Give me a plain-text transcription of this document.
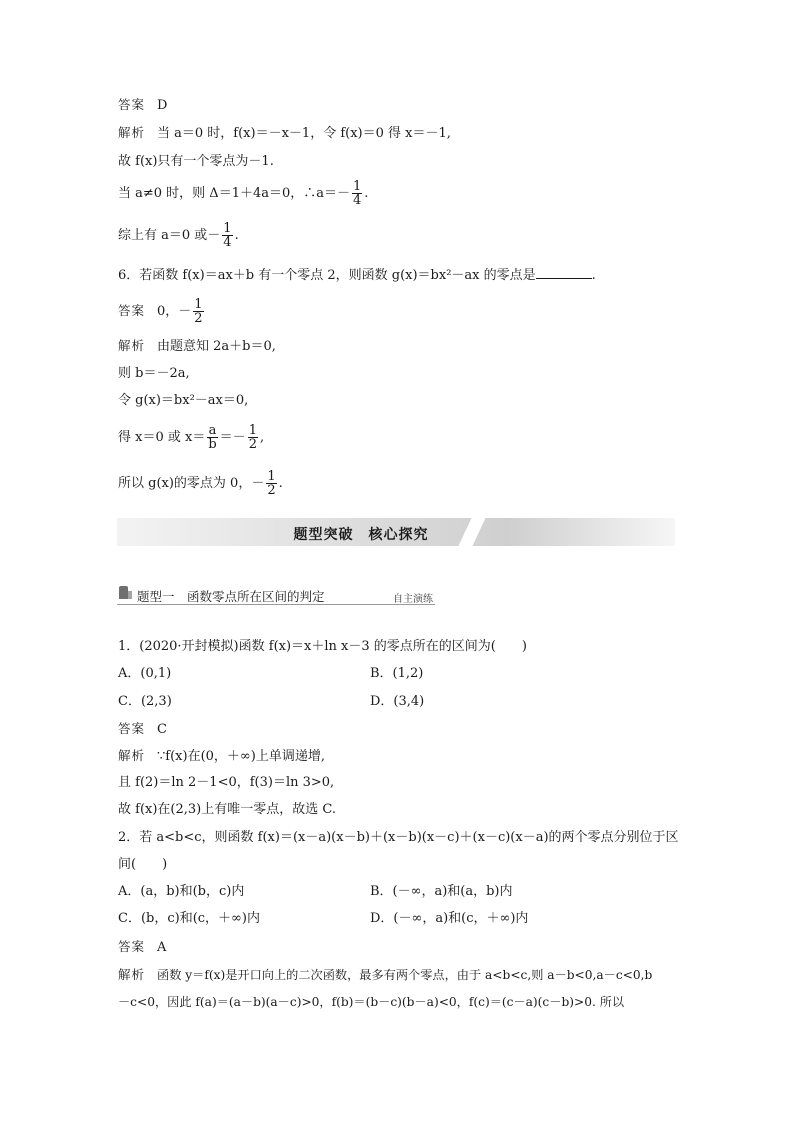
答案 D
解析 当 a＝0 时，f(x)＝－x－1，令 f(x)＝0 得 x＝－1,
故 f(x)只有一个零点为－1.
当 a≠0 时，则 Δ＝1＋4a＝0，∴a＝－ $\frac{1}{4}$ .
综上有 a＝0 或－ $\frac{1}{4}$ .
6．若函数 f(x)＝ax＋b 有一个零点 2，则函数 g(x)＝bx²－ax 的零点是	.
答案 0，－ $\frac{1}{2}$
解析 由题意知 2a＋b＝0,
则 b＝－2a,
令 g(x)＝bx²－ax＝0,
得 x＝0 或 $x= \frac{a}{b} =- \frac{1}{2}$ ,
所以 g(x)的零点为 0，－ $\frac{1}{2}$ .
题型突破　核心探究
题型一　函数零点所在区间的判定	自主演练
1．(2020·开封模拟)函数 f(x)＝x＋ln x－3 的零点所在的区间为(　　)
A．(0,1)	B．(1,2)
C．(2,3)	D．(3,4)
答案 C
解析 ∵f(x)在(0，＋∞)上单调递增,
且 f(2)＝ln 2－1<0，f(3)＝ln 3>0,
故 f(x)在(2,3)上有唯一零点，故选 C.
2．若 a<b<c，则函数 f(x)＝(x－a)(x－b)＋(x－b)(x－c)＋(x－c)(x－a)的两个零点分别位于区
间(　　)
A．(a，b)和(b，c)内	B．(－∞，a)和(a，b)内
C．(b，c)和(c，＋∞)内	D．(－∞，a)和(c，＋∞)内
答案 A
解析 函数 y＝f(x)是开口向上的二次函数，最多有两个零点，由于 a<b<c,则 a－b<0,a－c<0,b
－c<0，因此 f(a)＝(a－b)(a－c)>0，f(b)＝(b－c)(b－a)<0，f(c)＝(c－a)(c－b)>0. 所以
